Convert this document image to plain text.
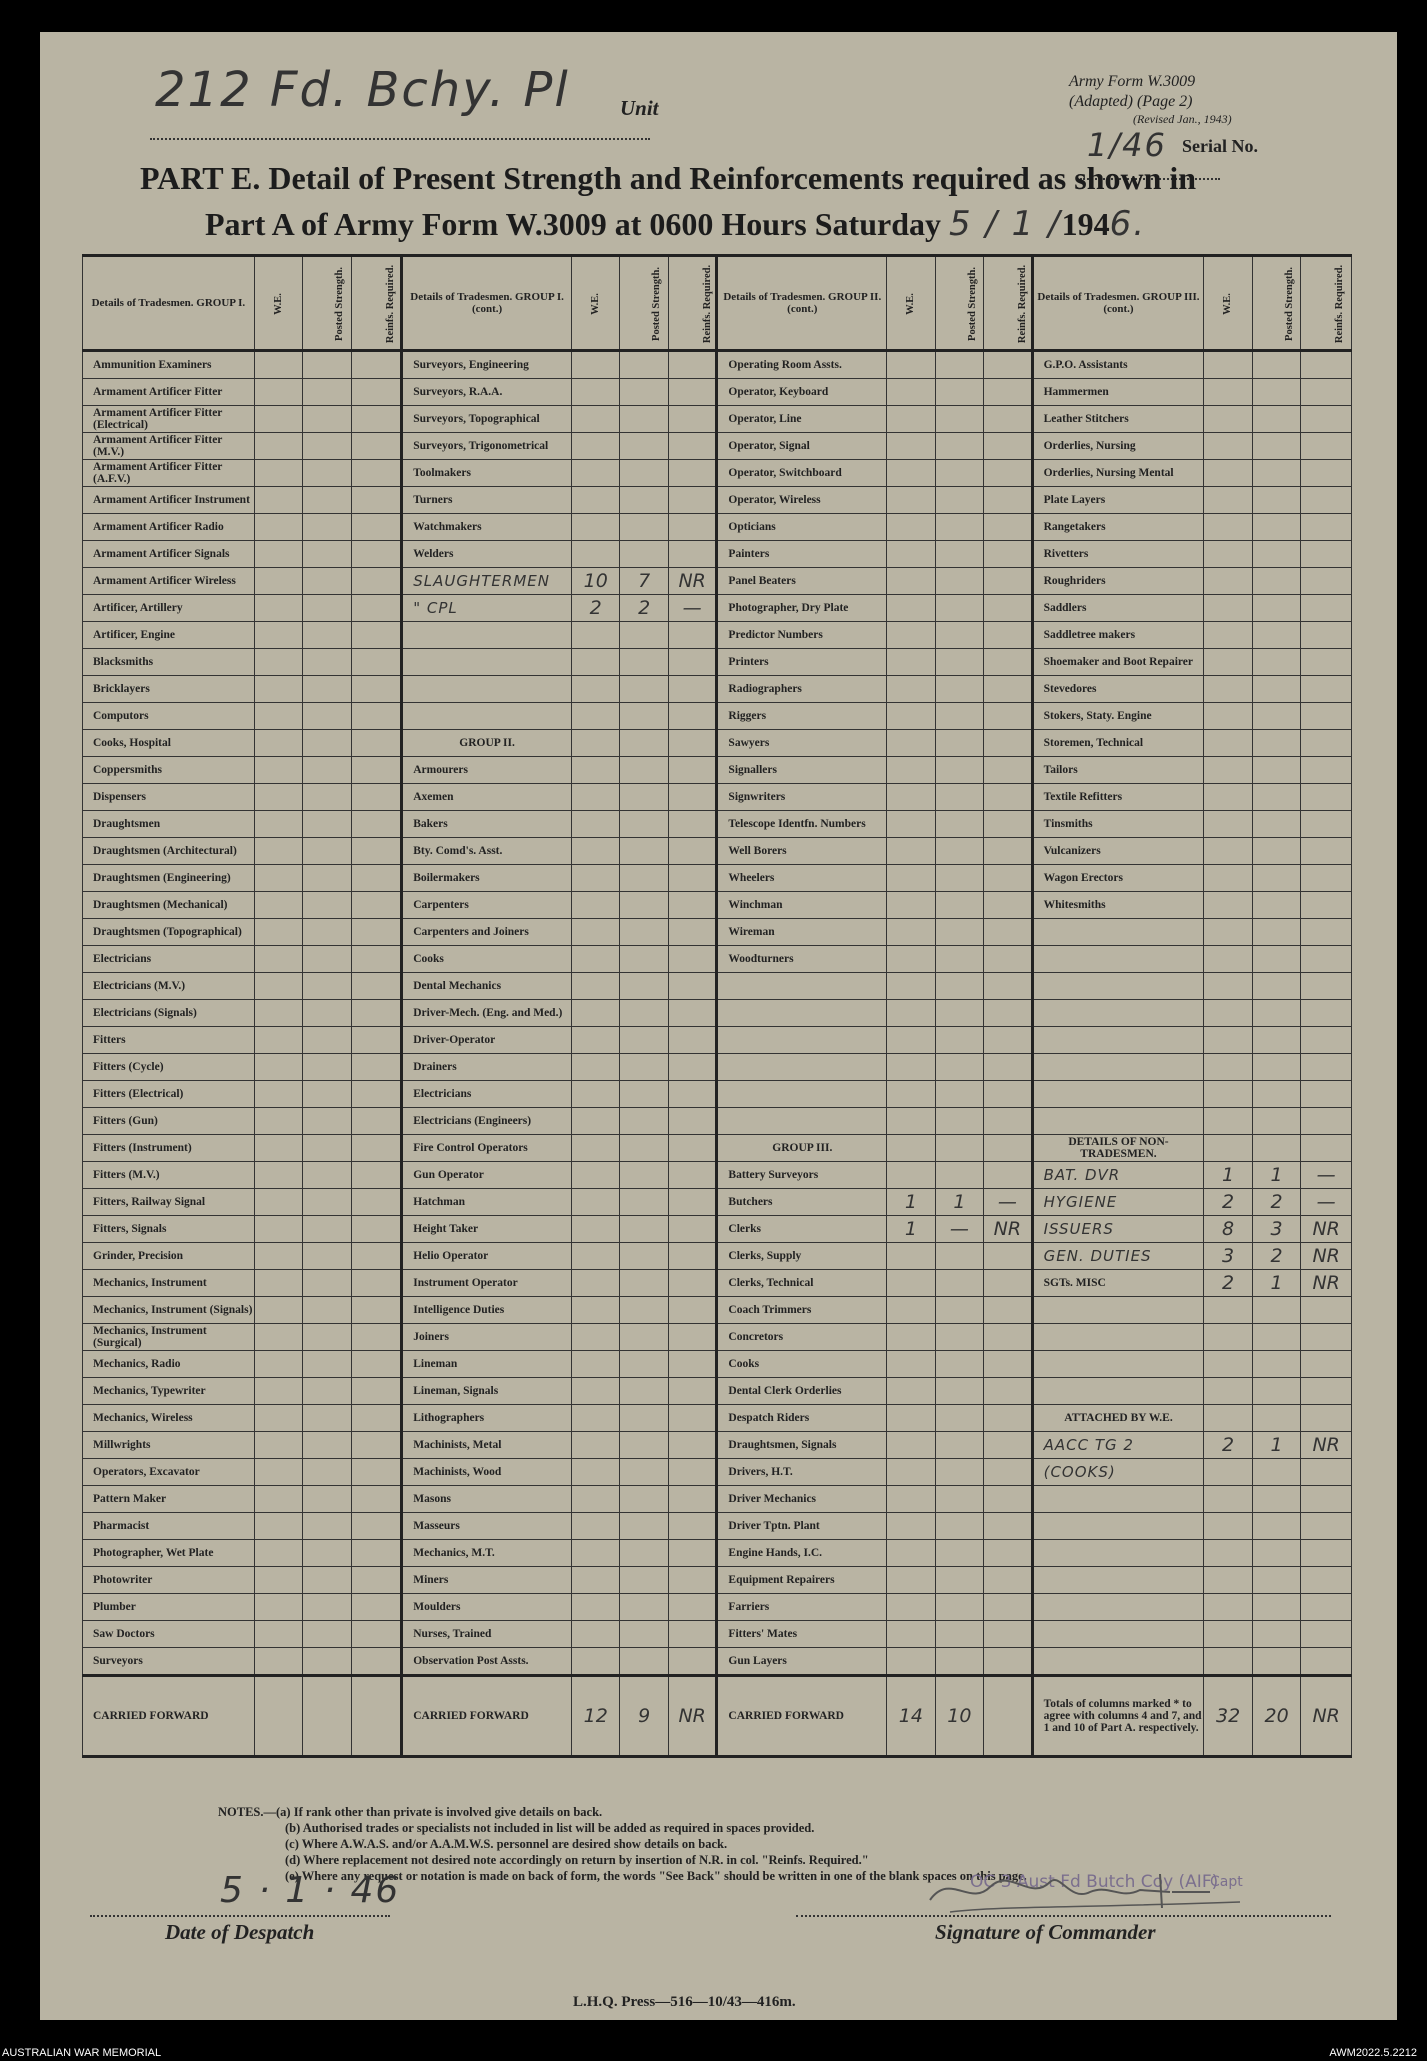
212 Fd. Bchy. Pl Unit
Army Form W.3009
(Adapted) (Page 2)
(Revised Jan., 1943)
1/46 Serial No.
PART E. Detail of Present Strength and Reinforcements required as shown in
Part A of Army Form W.3009 at 0600 Hours Saturday 5 / 1 /1946.
Details of Tradesmen. GROUP I.	W.E.	Posted Strength.	Reinfs. Required.	Details of Tradesmen. GROUP I. (cont.)	W.E.	Posted Strength.	Reinfs. Required.	Details of Tradesmen. GROUP II. (cont.)	W.E.	Posted Strength.	Reinfs. Required.	Details of Tradesmen. GROUP III. (cont.)	W.E.	Posted Strength.	Reinfs. Required.
Ammunition Examiners				Surveyors, Engineering				Operating Room Assts.				G.P.O. Assistants			
Armament Artificer Fitter				Surveyors, R.A.A.				Operator, Keyboard				Hammermen			
Armament Artificer Fitter (Electrical)				Surveyors, Topographical				Operator, Line				Leather Stitchers			
Armament Artificer Fitter (M.V.)				Surveyors, Trigonometrical				Operator, Signal				Orderlies, Nursing			
Armament Artificer Fitter (A.F.V.)				Toolmakers				Operator, Switchboard				Orderlies, Nursing Mental			
Armament Artificer Instrument				Turners				Operator, Wireless				Plate Layers			
Armament Artificer Radio				Watchmakers				Opticians				Rangetakers			
Armament Artificer Signals				Welders				Painters				Rivetters			
Armament Artificer Wireless				SLAUGHTERMEN	10	7	NR	Panel Beaters				Roughriders			
Artificer, Artillery				" CPL	2	2	—	Photographer, Dry Plate				Saddlers			
Artificer, Engine								Predictor Numbers				Saddletree makers			
Blacksmiths								Printers				Shoemaker and Boot Repairer			
Bricklayers								Radiographers				Stevedores			
Computors								Riggers				Stokers, Staty. Engine			
Cooks, Hospital				GROUP II.				Sawyers				Storemen, Technical			
Coppersmiths				Armourers				Signallers				Tailors			
Dispensers				Axemen				Signwriters				Textile Refitters			
Draughtsmen				Bakers				Telescope Identfn. Numbers				Tinsmiths			
Draughtsmen (Architectural)				Bty. Comd's. Asst.				Well Borers				Vulcanizers			
Draughtsmen (Engineering)				Boilermakers				Wheelers				Wagon Erectors			
Draughtsmen (Mechanical)				Carpenters				Winchman				Whitesmiths			
Draughtsmen (Topographical)				Carpenters and Joiners				Wireman							
Electricians				Cooks				Woodturners							
Electricians (M.V.)				Dental Mechanics											
Electricians (Signals)				Driver-Mech. (Eng. and Med.)											
Fitters				Driver-Operator											
Fitters (Cycle)				Drainers											
Fitters (Electrical)				Electricians											
Fitters (Gun)				Electricians (Engineers)											
Fitters (Instrument)				Fire Control Operators				GROUP III.				DETAILS OF NON-TRADESMEN.			
Fitters (M.V.)				Gun Operator				Battery Surveyors				BAT. DVR	1	1	—
Fitters, Railway Signal				Hatchman				Butchers	1	1	—	HYGIENE	2	2	—
Fitters, Signals				Height Taker				Clerks	1	—	NR	ISSUERS	8	3	NR
Grinder, Precision				Helio Operator				Clerks, Supply				GEN. DUTIES	3	2	NR
Mechanics, Instrument				Instrument Operator				Clerks, Technical				SGTs. MISC	2	1	NR
Mechanics, Instrument (Signals)				Intelligence Duties				Coach Trimmers							
Mechanics, Instrument (Surgical)				Joiners				Concretors							
Mechanics, Radio				Lineman				Cooks							
Mechanics, Typewriter				Lineman, Signals				Dental Clerk Orderlies							
Mechanics, Wireless				Lithographers				Despatch Riders				ATTACHED BY W.E.			
Millwrights				Machinists, Metal				Draughtsmen, Signals				AACC TG 2	2	1	NR
Operators, Excavator				Machinists, Wood				Drivers, H.T.				(COOKS)			
Pattern Maker				Masons				Driver Mechanics							
Pharmacist				Masseurs				Driver Tptn. Plant							
Photographer, Wet Plate				Mechanics, M.T.				Engine Hands, I.C.							
Photowriter				Miners				Equipment Repairers							
Plumber				Moulders				Farriers							
Saw Doctors				Nurses, Trained				Fitters' Mates							
Surveyors				Observation Post Assts.				Gun Layers							
CARRIED FORWARD				CARRIED FORWARD	12	9	NR	CARRIED FORWARD	14	10		Totals of columns marked * to agree with columns 4 and 7, and 1 and 10 of Part A. respectively.	32	20	NR
NOTES.—(a) If rank other than private is involved give details on back.
(b) Authorised trades or specialists not included in list will be added as required in spaces provided.
(c) Where A.W.A.S. and/or A.A.M.W.S. personnel are desired show details on back.
(d) Where replacement not desired note accordingly on return by insertion of N.R. in col. "Reinfs. Required."
(e) Where any request or notation is made on back of form, the words "See Back" should be written in one of the blank spaces on this page.
5 · 1 · 46
Date of Despatch
OC 3 Aust Fd Butch Coy (AIF)
Capt
Signature of Commander
L.H.Q. Press—516—10/43—416m.
AUSTRALIAN WAR MEMORIAL	AWM2022.5.2212
